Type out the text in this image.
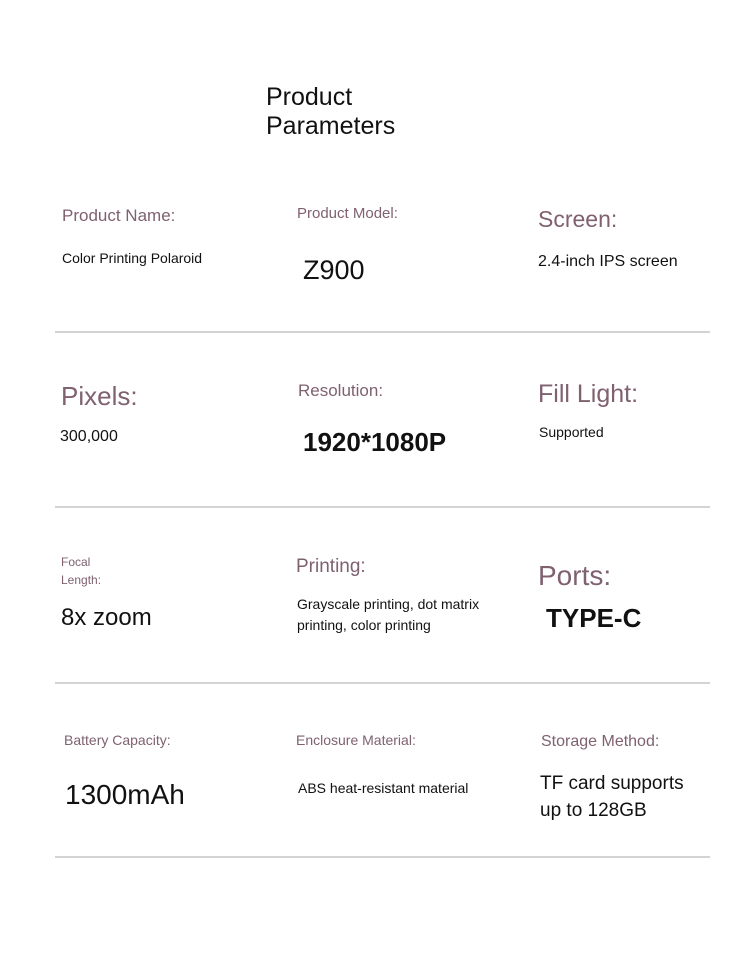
Product
Parameters
Product Name:
Color Printing Polaroid
Product Model:
Z900
Screen:
2.4-inch IPS screen
Pixels:
300,000
Resolution:
1920*1080P
Fill Light:
Supported
Focal
Length:
8x zoom
Printing:
Grayscale printing, dot matrix
printing, color printing
Ports:
TYPE-C
Battery Capacity:
1300mAh
Enclosure Material:
ABS heat-resistant material
Storage Method:
TF card supports
up to 128GB
